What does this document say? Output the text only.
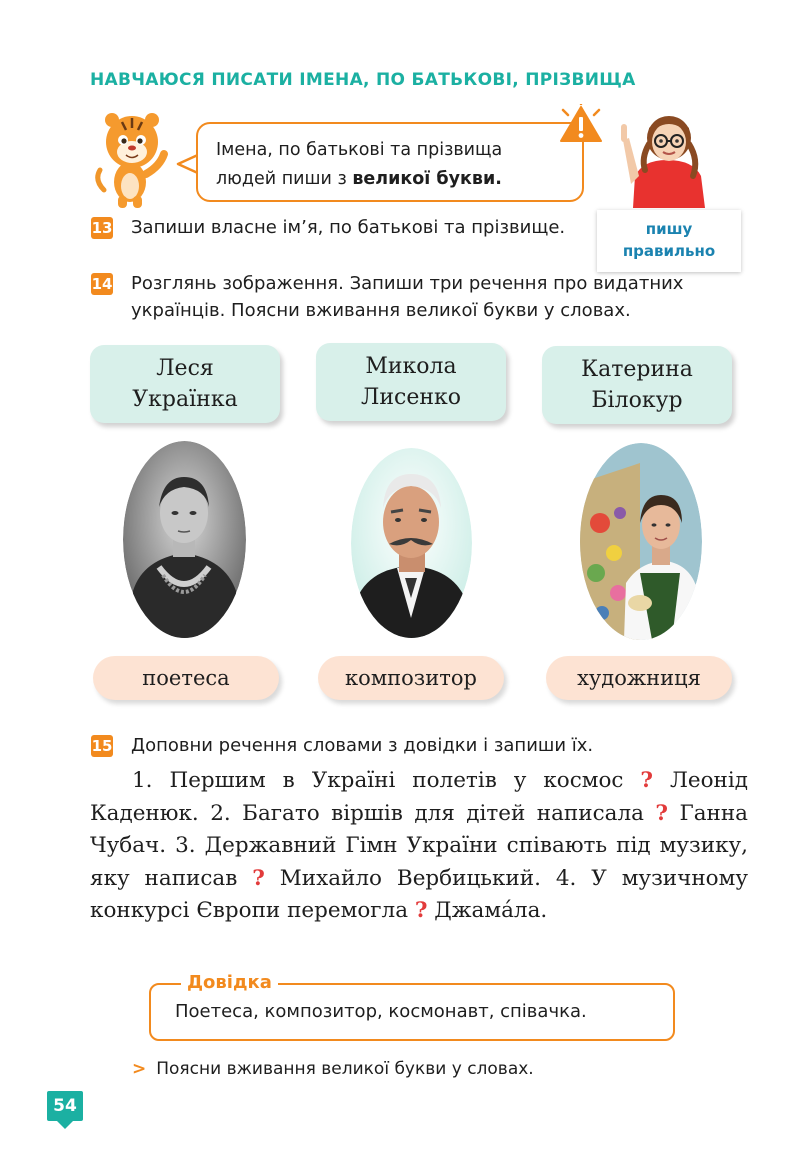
НАВЧАЮСЯ ПИСАТИ ІМЕНА, ПО БАТЬКОВІ, ПРІЗВИЩА
Імена, по батькові та прізвища
людей пиши з великої букви.
13 Запиши власне ім’я, по батькові та прізвище.	пишу
правильно
14 Розглянь зображення. Запиши три речення про видатних
українців. Поясни вживання великої букви у словах.
Леся
Українка
Микола
Лисенко
Катерина
Білокур
поетеса	композитор	художниця
15 Доповни речення словами з довідки і запиши їх.
1. Першим в Україні полетів у космос ? Леонід Каденюк. 2. Багато віршів для дітей написала ? Ганна Чубач. 3. Державний Гімн України співають під музику, яку написав ? Михайло Вербицький. 4. У музичному конкурсі Європи перемогла ? Джама́ла.
Довідка
Поетеса, композитор, космонавт, співачка.
> Поясни вживання великої букви у словах.
54
